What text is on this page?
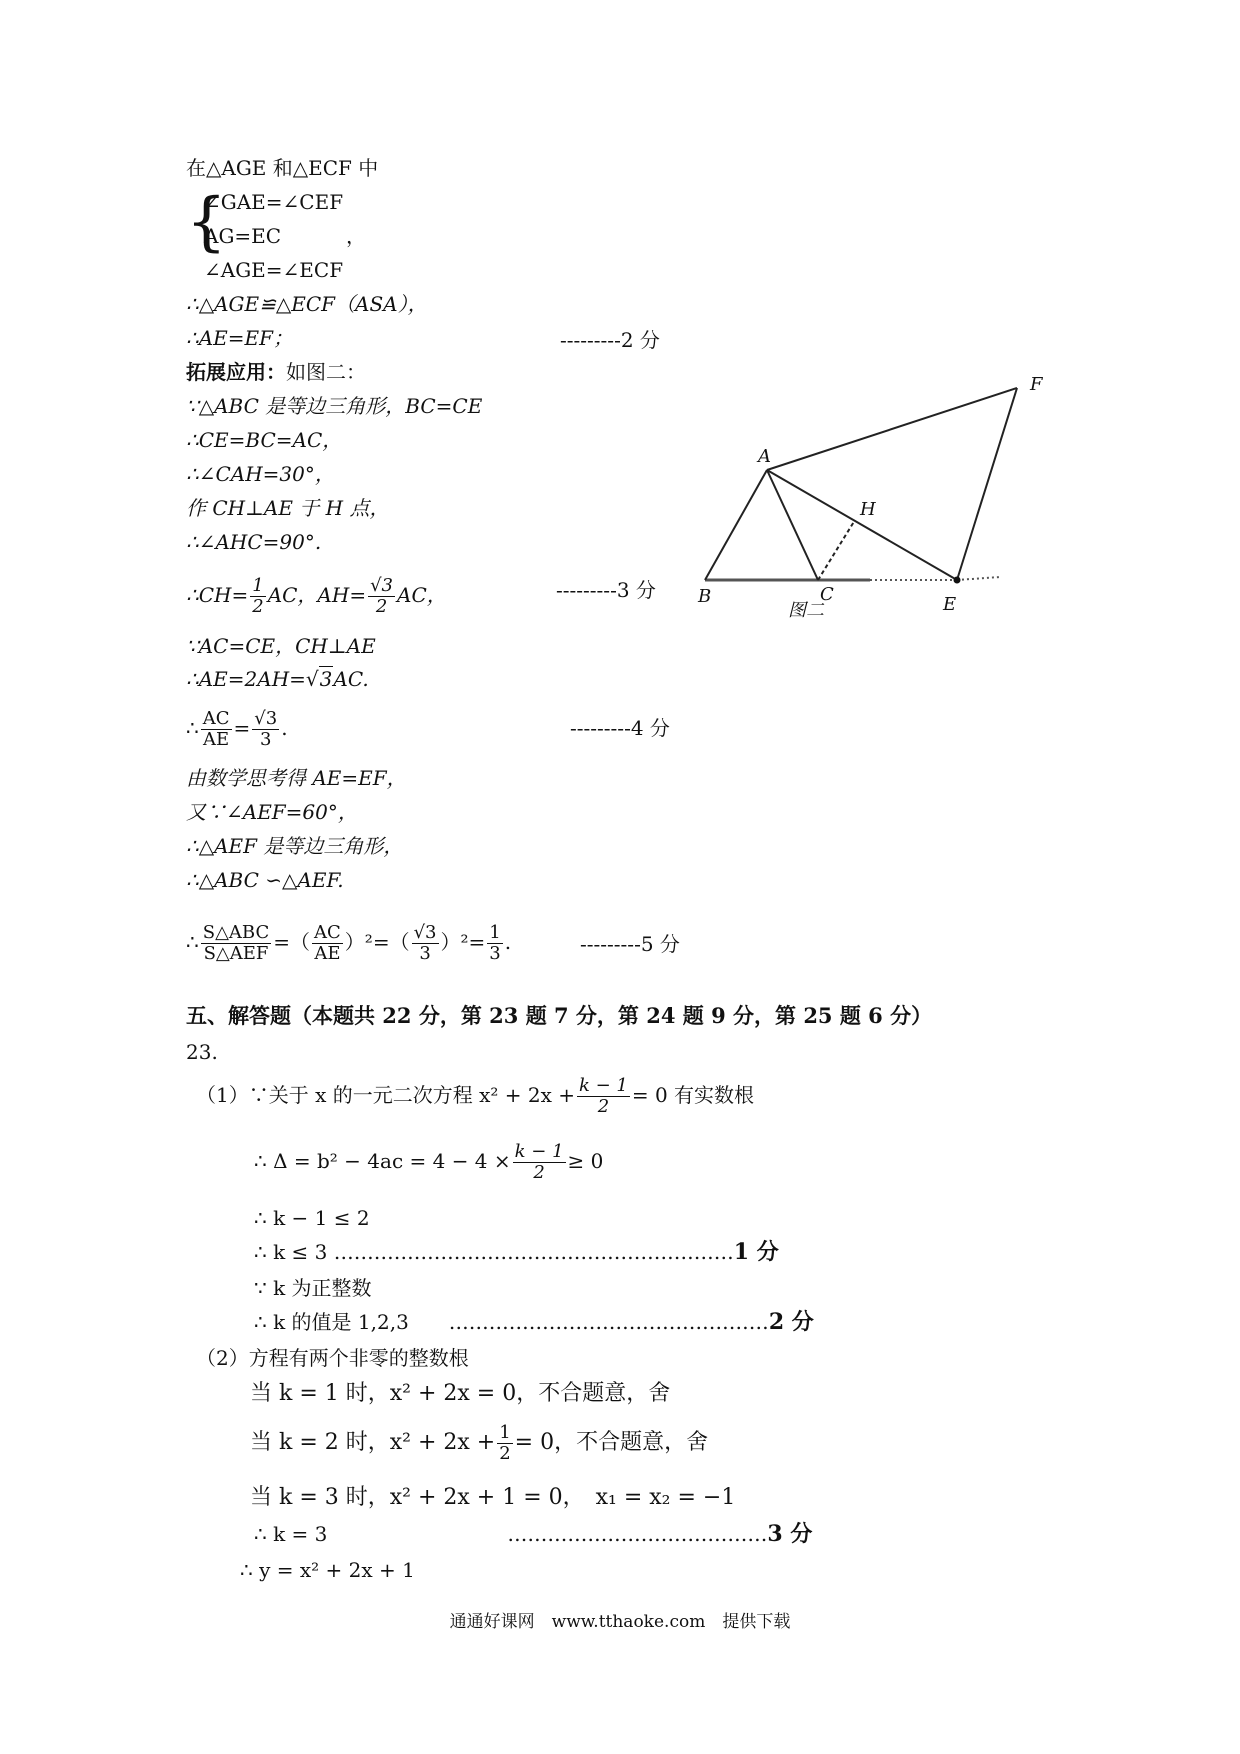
在△AGE 和△ECF 中
{
∠GAE=∠CEF
AG=EC	，
∠AGE=∠ECF
∴△AGE≌△ECF（ASA），
∴AE=EF；	---------2 分
拓展应用：如图二：
∵△ABC 是等边三角形，BC=CE
∴CE=BC=AC，
∴∠CAH=30°，
作 CH⊥AE 于 H 点，
∴∠AHC=90°.
∴CH= $\frac{1}{2}$ AC，$AH= \frac{√3}{2}$ AC，	---------3 分
∵AC=CE，CH⊥AE
∴AE=2AH=√3AC.
∴ $\frac{AC}{AE} = \frac{√3}{3}$ .	---------4 分
由数学思考得 AE=EF，
又∵∠AEF=60°，
∴△AEF 是等边三角形，
∴△ABC ∽△AEF.
∴ $\frac{\text{S△ABC}}{\text{S△AEF}}$ =（ $\frac{AC}{AE} )^2=( \frac{√3}{3} )^2= \frac{1}{3}$ .	---------5 分
F
A
H
B	C	E
图二
五、解答题（本题共 22 分，第 23 题 7 分，第 24 题 9 分，第 25 题 6 分）
23.
（1）∵关于 x 的一元二次方程 $x^2 + 2x + \frac{k - 1}{2} = 0$ 有实数根
∴ $\Delta = b^2 - 4ac = 4 - 4 \times \frac{k - 1}{2} \ge 0$
∴ k − 1 ≤ 2
∴ k ≤ 3 ……………………………………………………1 分
∵ k 为正整数
∴ k 的值是 1,2,3　　…………………………………………2 分
（2）方程有两个非零的整数根
当 k = 1 时，x² + 2x = 0，不合题意，舍
当 k = 2 时，$x^2 + 2x + \frac{1}{2} = 0$，不合题意，舍
当 k = 3 时，x² + 2x + 1 = 0，　x₁ = x₂ = −1
∴ k = 3　　　　　　　　　…………………………………3 分
∴ y = x² + 2x + 1
通通好课网　www.tthaoke.com　提供下载
